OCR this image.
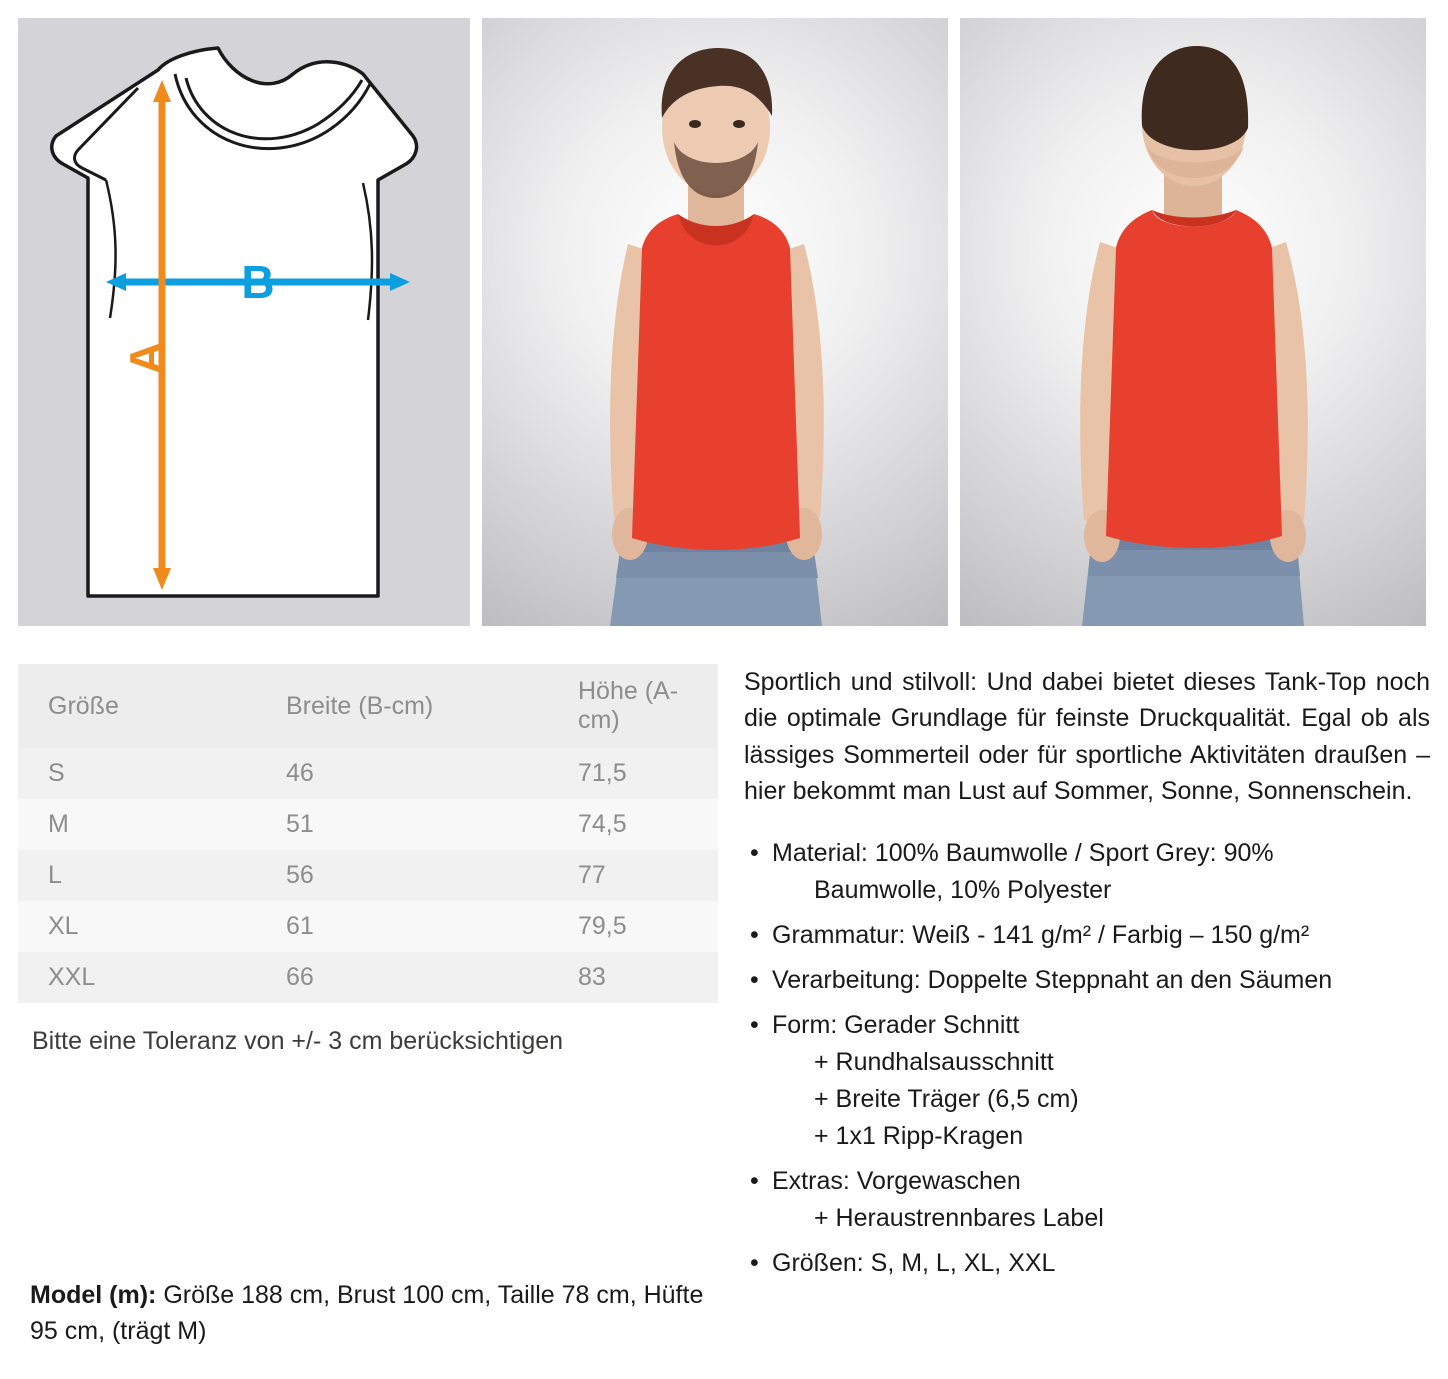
B
A
Größe	Breite (B-cm)	Höhe (A-cm)
S	46	71,5
M	51	74,5
L	56	77
XL	61	79,5
XXL	66	83
Bitte eine Toleranz von +/- 3 cm berücksichtigen

Sportlich und stilvoll: Und dabei bietet dieses Tank-Top noch die optimale Grundlage für feinste Druckqualität. Egal ob als lässiges Sommerteil oder für sportliche Aktivitäten draußen – hier bekommt man Lust auf Sommer, Sonne, Sonnenschein.

• Material: 100% Baumwolle / Sport Grey: 90%
Baumwolle, 10% Polyester
• Grammatur: Weiß - 141 g/m² / Farbig – 150 g/m²
• Verarbeitung: Doppelte Steppnaht an den Säumen
• Form: Gerader Schnitt
+ Rundhalsausschnitt
+ Breite Träger (6,5 cm)
+ 1x1 Ripp-Kragen
• Extras: Vorgewaschen
+ Heraustrennbares Label
• Größen: S, M, L, XL, XXL
Model (m): Größe 188 cm, Brust 100 cm, Taille 78 cm, Hüfte 95 cm, (trägt M)
